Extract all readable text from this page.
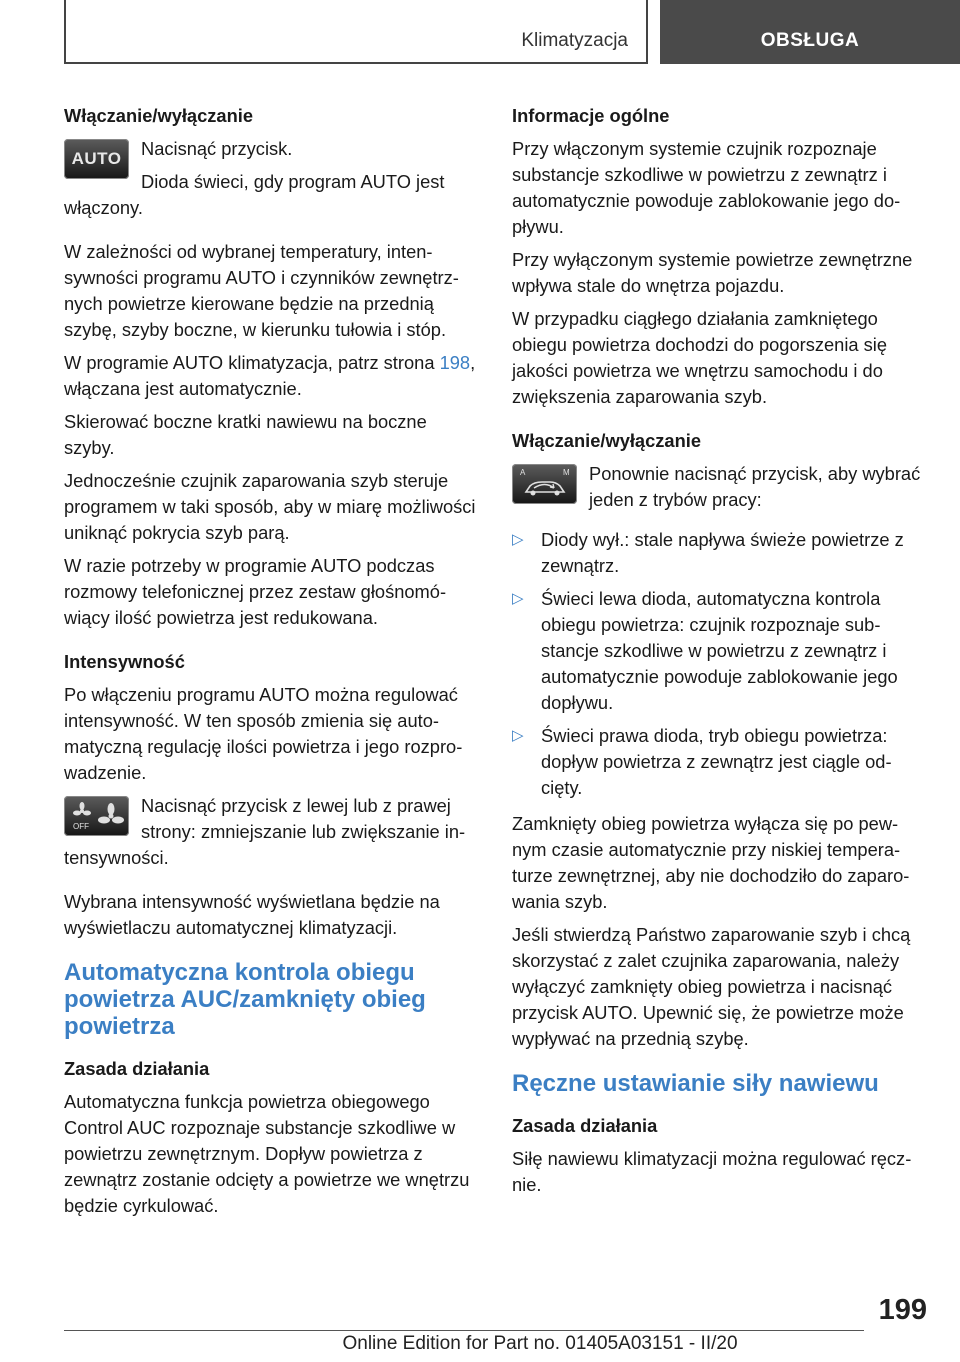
Klimatyzacja	OBSŁUGA
Włączanie/wyłączanie
AUTO	Nacisnąć przycisk.

Dioda świeci, gdy program AUTO jest włączony.

W zależności od wybranej temperatury, intensywności programu AUTO i czynników zewnętrznych powietrze kierowane będzie na przednią szybę, szyby boczne, w kierunku tułowia i stóp.

W programie AUTO klimatyzacja, patrz strona 198, włączana jest automatycznie.

Skierować boczne kratki nawiewu na boczne szyby.

Jednocześnie czujnik zaparowania szyb steruje programem w taki sposób, aby w miarę możliwości uniknąć pokrycia szyb parą.

W razie potrzeby w programie AUTO podczas rozmowy telefonicznej przez zestaw głośnomówiący ilość powietrza jest redukowana.

Intensywność

Po włączeniu programu AUTO można regulować intensywność. W ten sposób zmienia się automatyczną regulację ilości powietrza i jego rozprowadzenie.

OFF

Nacisnąć przycisk z lewej lub z prawej strony: zmniejszanie lub zwiększanie intensywności.

Wybrana intensywność wyświetlana będzie na wyświetlaczu automatycznej klimatyzacji.

Automatyczna kontrola obiegu powietrza AUC/zamknięty obieg powietrza
Zasada działania

Automatyczna funkcja powietrza obiegowego Control AUC rozpoznaje substancje szkodliwe w powietrzu zewnętrznym. Dopływ powietrza z zewnątrz zostanie odcięty a powietrze we wnętrzu będzie cyrkulować.

Informacje ogólne

Przy włączonym systemie czujnik rozpoznaje substancje szkodliwe w powietrzu z zewnątrz i automatycznie powoduje zablokowanie jego dopływu.

Przy wyłączonym systemie powietrze zewnętrzne wpływa stale do wnętrza pojazdu.

W przypadku ciągłego działania zamkniętego obiegu powietrza dochodzi do pogorszenia się jakości powietrza we wnętrzu samochodu i do zwiększenia zaparowania szyb.

Włączanie/wyłączanie
A	M Ponownie nacisnąć przycisk, aby wybrać jeden z trybów pracy:

▷ Diody wył.: stale napływa świeże powietrze z zewnątrz.
▷ Świeci lewa dioda, automatyczna kontrola obiegu powietrza: czujnik rozpoznaje substancje szkodliwe w powietrzu z zewnątrz i automatycznie powoduje zablokowanie jego dopływu.
▷ Świeci prawa dioda, tryb obiegu powietrza: dopływ powietrza z zewnątrz jest ciągle odcięty.

Zamknięty obieg powietrza wyłącza się po pewnym czasie automatycznie przy niskiej temperaturze zewnętrznej, aby nie dochodziło do zaparowania szyb.

Jeśli stwierdzą Państwo zaparowanie szyb i chcą skorzystać z zalet czujnika zaparowania, należy wyłączyć zamknięty obieg powietrza i nacisnąć przycisk AUTO. Upewnić się, że powietrze może wypływać na przednią szybę.

Ręczne ustawianie siły nawiewu
Zasada działania

Siłę nawiewu klimatyzacji można regulować ręcznie.

199
Online Edition for Part no. 01405A03151 - II/20
